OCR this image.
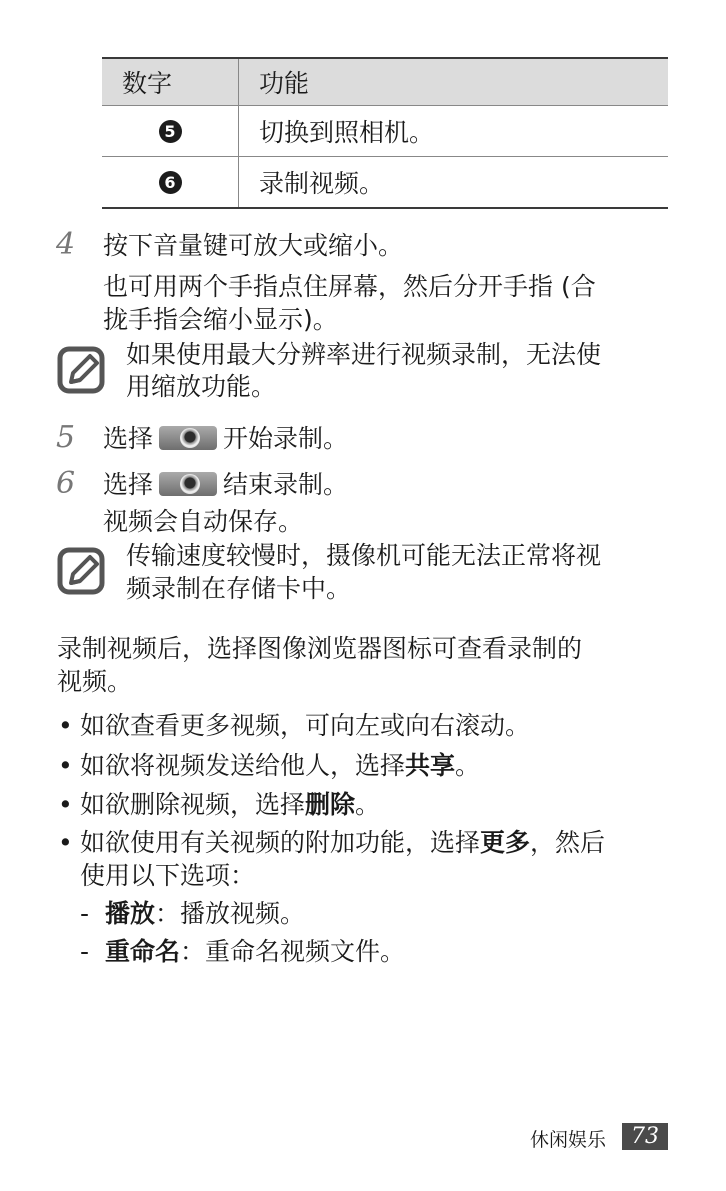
数字	功能
5	切换到照相机。
6	录制视频。
4 按下音量键可放大或缩小。
也可用两个手指点住屏幕，然后分开手指 (合
拢手指会缩小显示)。
如果使用最大分辨率进行视频录制，无法使
用缩放功能。
5 选择	开始录制。
6 选择	结束录制。
视频会自动保存。
传输速度较慢时，摄像机可能无法正常将视
频录制在存储卡中。
录制视频后，选择图像浏览器图标可查看录制的
视频。
• 如欲查看更多视频，可向左或向右滚动。
• 如欲将视频发送给他人，选择共享。
• 如欲删除视频，选择删除。
• 如欲使用有关视频的附加功能，选择更多，然后
使用以下选项：
- 播放：播放视频。
- 重命名：重命名视频文件。
休闲娱乐	73
